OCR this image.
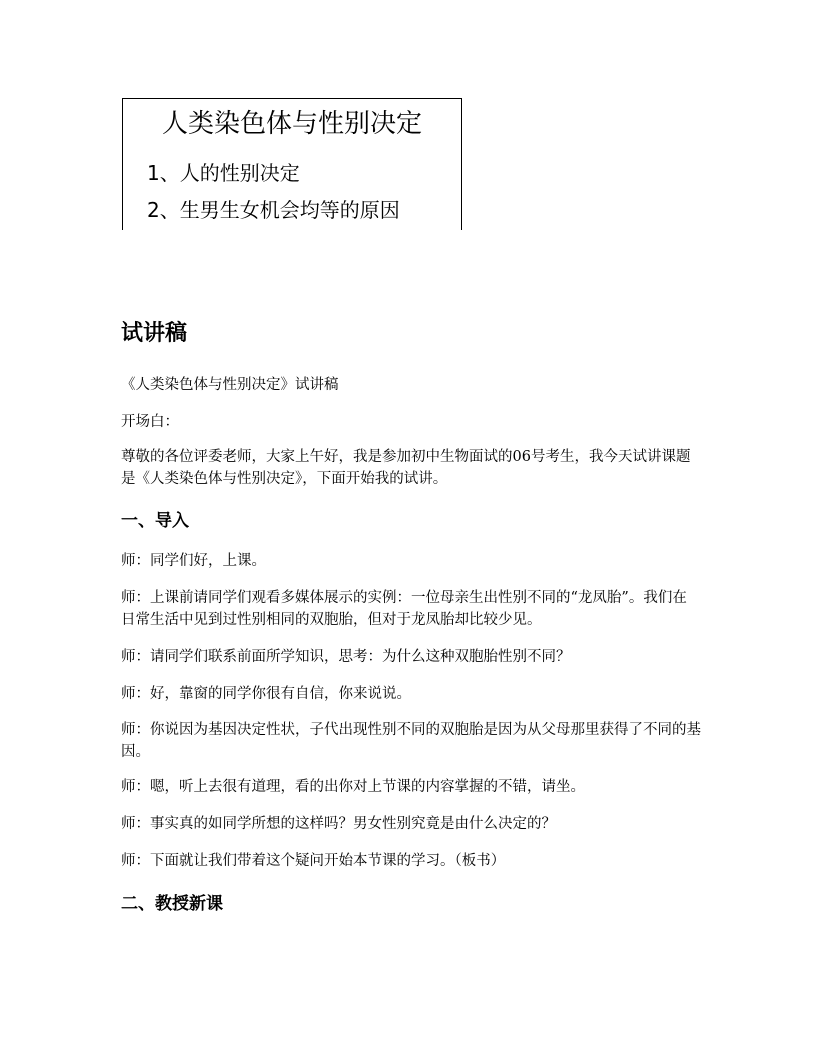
人类染色体与性别决定
1、人的性别决定
2、生男生女机会均等的原因
试讲稿
《人类染色体与性别决定》试讲稿
开场白：
尊敬的各位评委老师，大家上午好，我是参加初中生物面试的06号考生，我今天试讲课题是《人类染色体与性别决定》，下面开始我的试讲。
一、导入
师：同学们好，上课。
师：上课前请同学们观看多媒体展示的实例：一位母亲生出性别不同的“龙凤胎”。我们在日常生活中见到过性别相同的双胞胎，但对于龙凤胎却比较少见。
师：请同学们联系前面所学知识，思考：为什么这种双胞胎性别不同？
师：好，靠窗的同学你很有自信，你来说说。
师：你说因为基因决定性状，子代出现性别不同的双胞胎是因为从父母那里获得了不同的基因。
师：嗯，听上去很有道理，看的出你对上节课的内容掌握的不错，请坐。
师：事实真的如同学所想的这样吗？男女性别究竟是由什么决定的？
师：下面就让我们带着这个疑问开始本节课的学习。（板书）
二、教授新课
